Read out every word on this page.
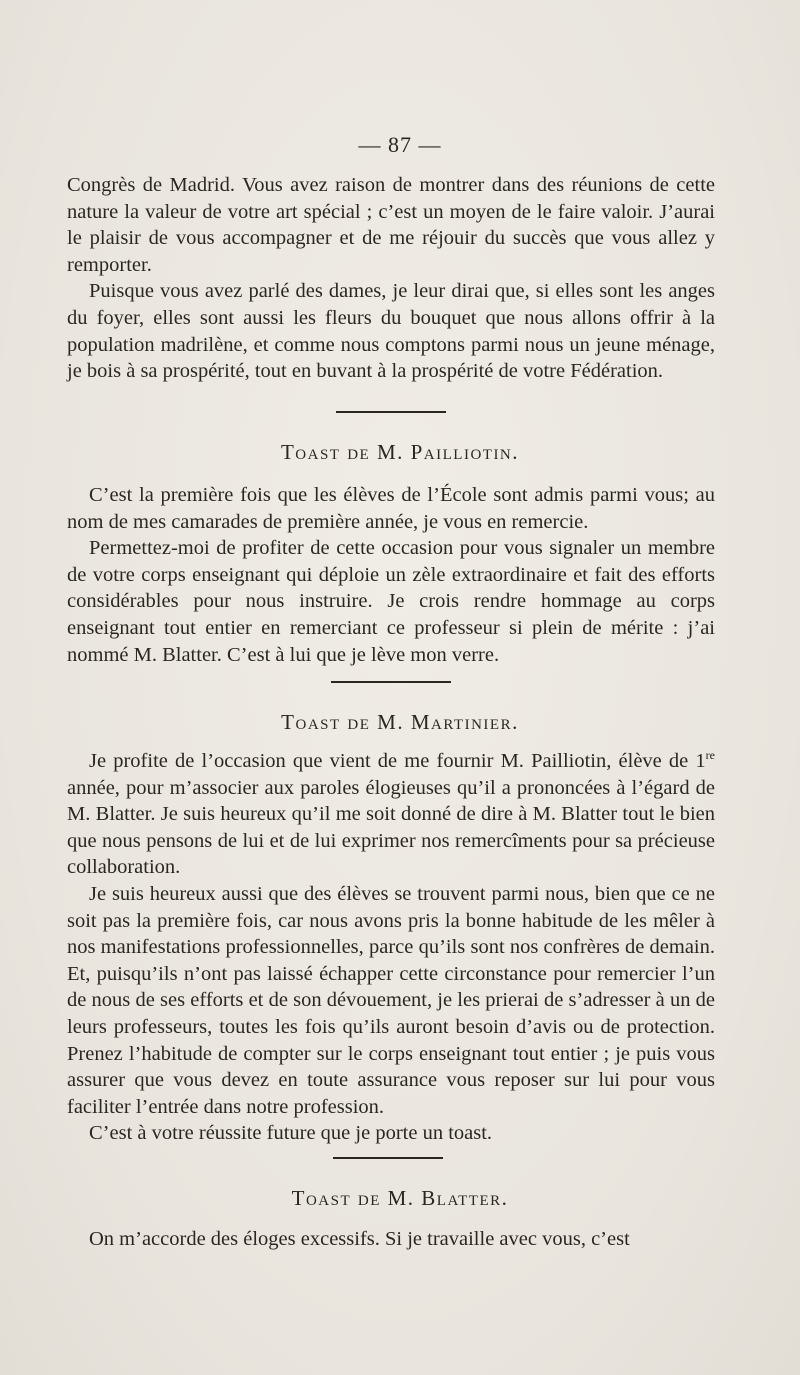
— 87 —

Congrès de Madrid. Vous avez raison de montrer dans des réunions de cette nature la valeur de votre art spécial ; c’est un moyen de le faire valoir. J’aurai le plaisir de vous accompagner et de me réjouir du succès que vous allez y remporter.

Puisque vous avez parlé des dames, je leur dirai que, si elles sont les anges du foyer, elles sont aussi les fleurs du bouquet que nous allons offrir à la population madrilène, et comme nous comptons parmi nous un jeune ménage, je bois à sa prospérité, tout en buvant à la prospérité de votre Fédération.

Toast de M. Pailliotin.

C’est la première fois que les élèves de l’École sont admis parmi vous; au nom de mes camarades de première année, je vous en remercie.

Permettez-moi de profiter de cette occasion pour vous signaler un membre de votre corps enseignant qui déploie un zèle extraordinaire et fait des efforts considérables pour nous instruire. Je crois rendre hommage au corps enseignant tout entier en remerciant ce professeur si plein de mérite : j’ai nommé M. Blatter. C’est à lui que je lève mon verre.

Toast de M. Martinier.

Je profite de l’occasion que vient de me fournir M. Pailliotin, élève de 1re année, pour m’associer aux paroles élogieuses qu’il a prononcées à l’égard de M. Blatter. Je suis heureux qu’il me soit donné de dire à M. Blatter tout le bien que nous pensons de lui et de lui exprimer nos remercîments pour sa précieuse collaboration.

Je suis heureux aussi que des élèves se trouvent parmi nous, bien que ce ne soit pas la première fois, car nous avons pris la bonne habitude de les mêler à nos manifestations professionnelles, parce qu’ils sont nos confrères de demain. Et, puisqu’ils n’ont pas laissé échapper cette circonstance pour remercier l’un de nous de ses efforts et de son dévouement, je les prierai de s’adresser à un de leurs professeurs, toutes les fois qu’ils auront besoin d’avis ou de protection. Prenez l’habitude de compter sur le corps enseignant tout entier ; je puis vous assurer que vous devez en toute assurance vous reposer sur lui pour vous faciliter l’entrée dans notre profession.

C’est à votre réussite future que je porte un toast.

Toast de M. Blatter.

On m’accorde des éloges excessifs. Si je travaille avec vous, c’est
